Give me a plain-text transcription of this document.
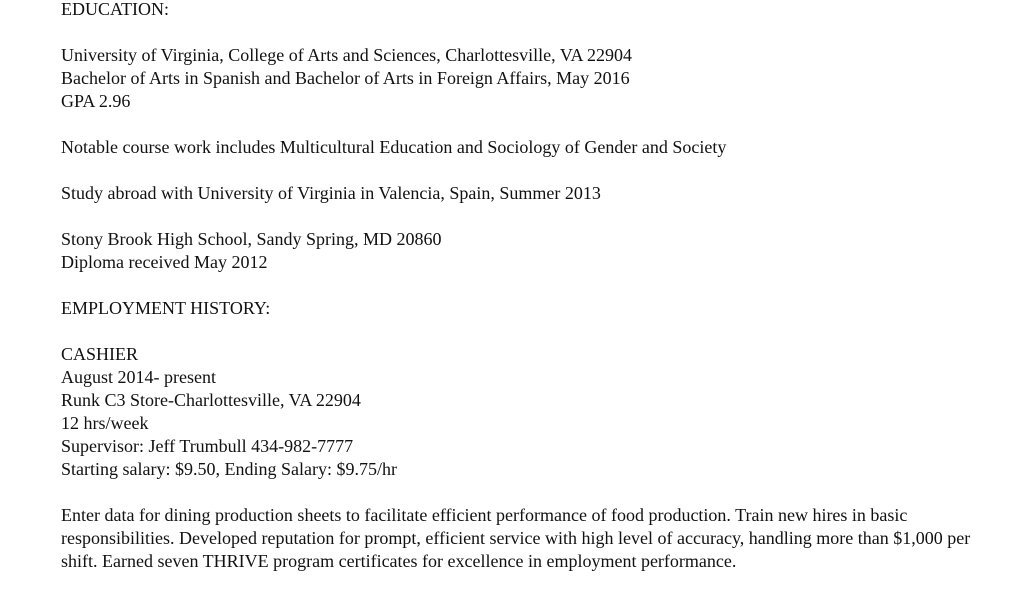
EDUCATION:
University of Virginia, College of Arts and Sciences, Charlottesville, VA 22904
Bachelor of Arts in Spanish and Bachelor of Arts in Foreign Affairs, May 2016
GPA 2.96
Notable course work includes Multicultural Education and Sociology of Gender and Society
Study abroad with University of Virginia in Valencia, Spain, Summer 2013
Stony Brook High School, Sandy Spring, MD 20860
Diploma received May 2012
EMPLOYMENT HISTORY:
CASHIER
August 2014- present
Runk C3 Store-Charlottesville, VA 22904
12 hrs/week
Supervisor: Jeff Trumbull 434-982-7777
Starting salary: $9.50, Ending Salary: $9.75/hr
Enter data for dining production sheets to facilitate efficient performance of food production. Train new hires in basic responsibilities. Developed reputation for prompt, efficient service with high level of accuracy, handling more than $1,000 per shift. Earned seven THRIVE program certificates for excellence in employment performance.
